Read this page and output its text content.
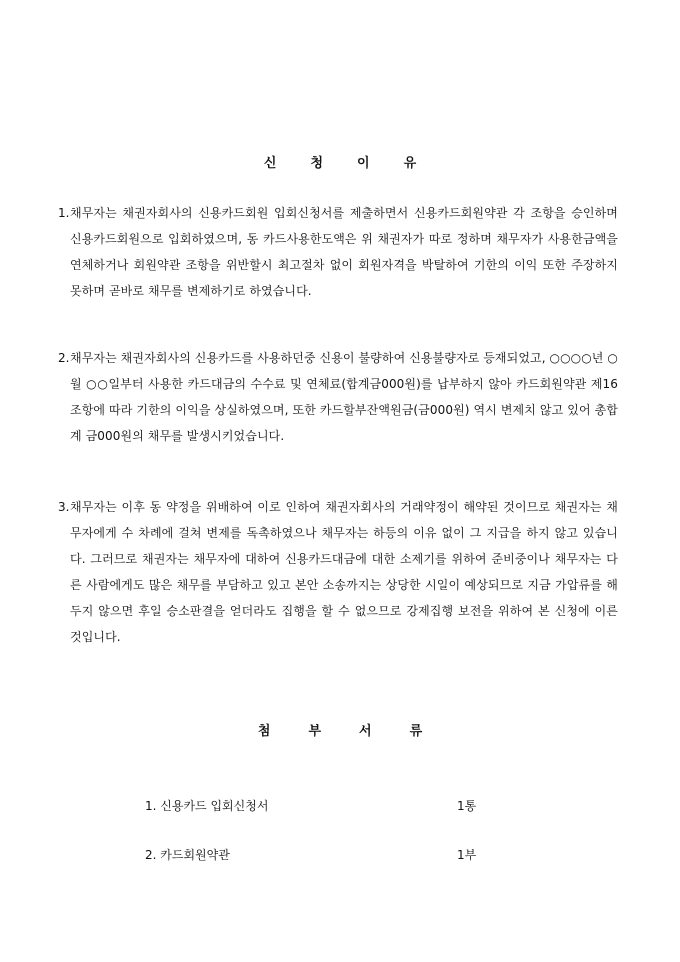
신	청	이	유
1. 채무자는 채권자회사의 신용카드회원 입회신청서를 제출하면서 신용카드회원약관 각 조항을 승인하며 신용카드회원으로 입회하였으며, 동 카드사용한도액은 위 채권자가 따로 정하며 채무자가 사용한금액을 연체하거나 회원약관 조항을 위반할시 최고절차 없이 회원자격을 박탈하여 기한의 이익 또한 주장하지 못하며 곧바로 채무를 변제하기로 하였습니다.
2. 채무자는 채권자회사의 신용카드를 사용하던중 신용이 불량하여 신용불량자로 등재되었고, ○○○○년 ○월 ○○일부터 사용한 카드대금의 수수료 및 연체료(합계금000원)를 납부하지 않아 카드회원약관 제16조항에 따라 기한의 이익을 상실하였으며, 또한 카드할부잔액원금(금000원) 역시 변제치 않고 있어 총합계 금000원의 채무를 발생시키었습니다.
3. 채무자는 이후 동 약정을 위배하여 이로 인하여 채권자회사의 거래약정이 해약된 것이므로 채권자는 채무자에게 수 차례에 걸쳐 변제를 독촉하였으나 채무자는 하등의 이유 없이 그 지급을 하지 않고 있습니다. 그러므로 채권자는 채무자에 대하여 신용카드대금에 대한 소제기를 위하여 준비중이나 채무자는 다른 사람에게도 많은 채무를 부담하고 있고 본안 소송까지는 상당한 시일이 예상되므로 지금 가압류를 해두지 않으면 후일 승소판결을 얻더라도 집행을 할 수 없으므로 강제집행 보전을 위하여 본 신청에 이른 것입니다.
첨	부	서	류
1. 신용카드 입회신청서	1통
2. 카드회원약관	1부
